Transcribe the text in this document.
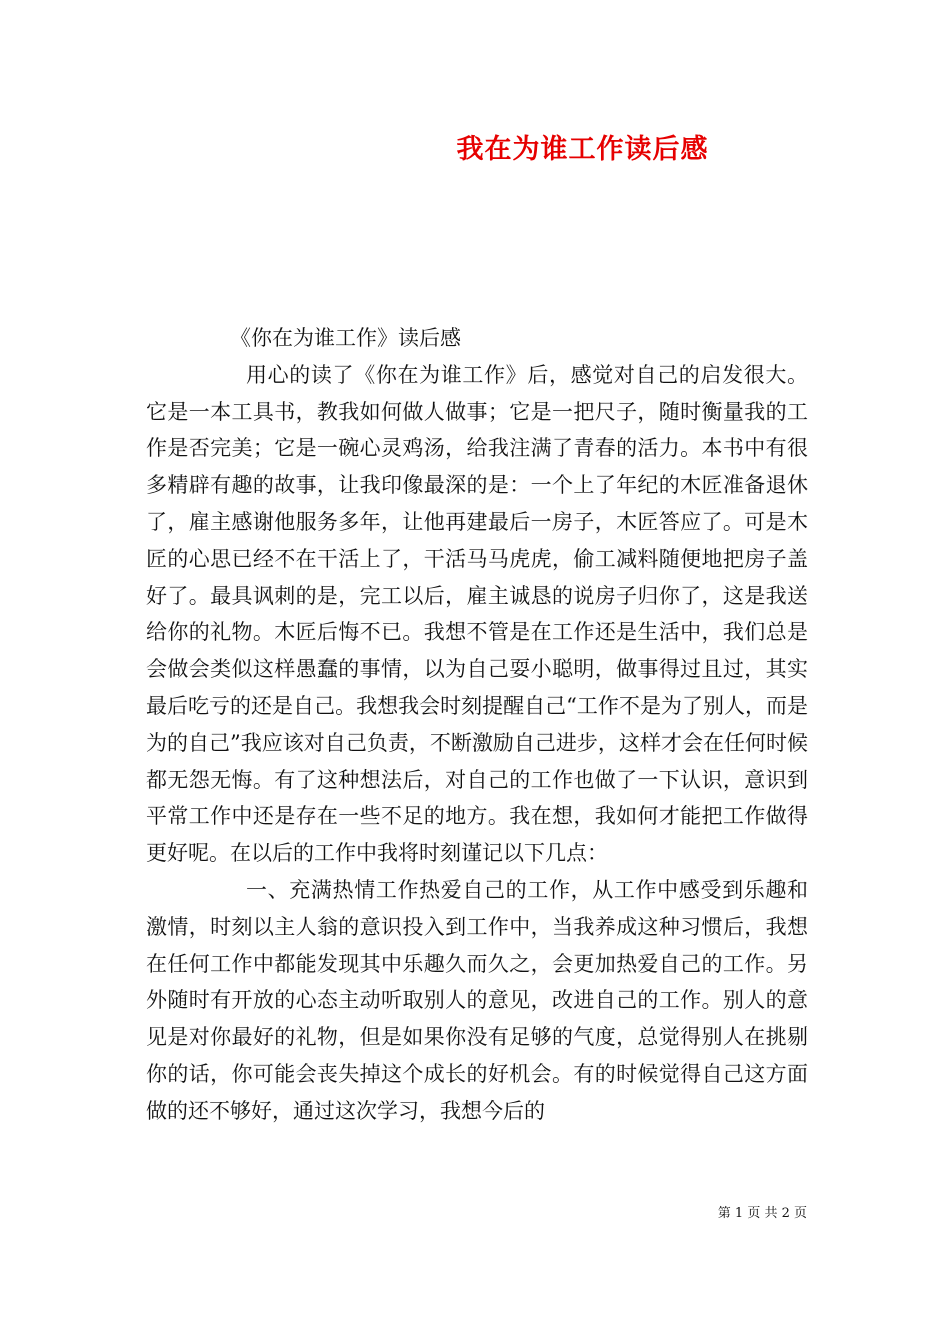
我在为谁工作读后感

《你在为谁工作》读后感

用心的读了《你在为谁工作》后，感觉对自己的启发很大。它是一本工具书，教我如何做人做事；它是一把尺子，随时衡量我的工作是否完美；它是一碗心灵鸡汤，给我注满了青春的活力。本书中有很多精辟有趣的故事，让我印像最深的是：一个上了年纪的木匠准备退休了，雇主感谢他服务多年，让他再建最后一房子，木匠答应了。可是木匠的心思已经不在干活上了，干活马马虎虎，偷工减料随便地把房子盖好了。最具讽刺的是，完工以后，雇主诚恳的说房子归你了，这是我送给你的礼物。木匠后悔不已。我想不管是在工作还是生活中，我们总是会做会类似这样愚蠢的事情，以为自己耍小聪明，做事得过且过，其实最后吃亏的还是自己。我想我会时刻提醒自己“工作不是为了别人，而是为的自己”我应该对自己负责，不断激励自己进步，这样才会在任何时候都无怨无悔。有了这种想法后，对自己的工作也做了一下认识，意识到平常工作中还是存在一些不足的地方。我在想，我如何才能把工作做得更好呢。在以后的工作中我将时刻谨记以下几点：

一、充满热情工作热爱自己的工作，从工作中感受到乐趣和激情，时刻以主人翁的意识投入到工作中，当我养成这种习惯后，我想在任何工作中都能发现其中乐趣久而久之，会更加热爱自己的工作。另外随时有开放的心态主动听取别人的意见，改进自己的工作。别人的意见是对你最好的礼物，但是如果你没有足够的气度，总觉得别人在挑剔你的话，你可能会丧失掉这个成长的好机会。有的时候觉得自己这方面做的还不够好，通过这次学习，我想今后的

第 1 页 共 2 页
